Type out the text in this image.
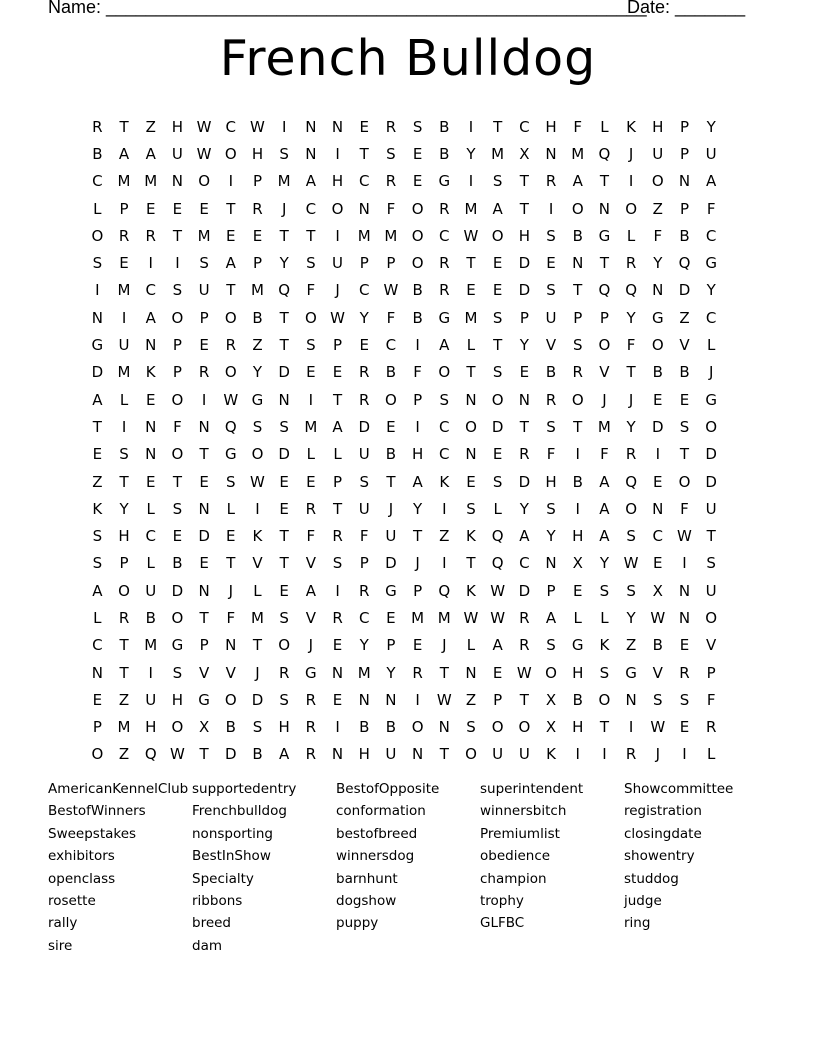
Name: ______________________________________________________
Date: _______
French Bulldog
R	T	Z	H W C W	I	N	N	E	R	S	B	I	T	C	H	F	L	K	H	P	Y
B	A	A	U W O	H	S	N	I	T	S	E	B	Y	M	X	N M Q	J	U	P	U
C M M N	O	I	P	M	A	H	C	R	E	G	I	S	T	R	A	T	I	O	N	A
L	P	E	E	E	T	R	J	C	O	N	F	O	R M	A	T	I	O	N	O	Z	P	F
O	R	R	T	M	E	E	T	T	I	M M O	C W O	H	S	B	G	L	F	B	C
S	E	I	I	S	A	P	Y	S	U	P	P	O	R	T	E	D	E	N	T	R	Y	Q G
I	M C	S	U	T	M Q	F	J	C W B	R	E	E	D	S	T	Q Q	N	D	Y
N	I	A	O	P	O	B	T	O W Y	F	B	G M	S	P	U	P	P	Y	G	Z	C
G	U	N	P	E	R	Z	T	S	P	E	C	I	A	L	T	Y	V	S	O	F	O	V	L
D M	K	P	R	O	Y	D	E	E	R	B	F	O	T	S	E	B	R	V	T	B	B	J
A	L	E	O	I	W G	N	I	T	R	O	P	S	N	O	N	R	O	J	J	E	E	G
T	I	N	F	N	Q	S	S	M	A	D	E	I	C	O	D	T	S	T	M	Y	D	S	O
E	S	N	O	T	G O	D	L	L	U	B	H	C	N	E	R	F	I	F	R	I	T	D
Z	T	E	T	E	S W E	E	P	S	T	A	K	E	S	D	H	B	A	Q	E	O	D
K	Y	L	S	N	L	I	E	R	T	U	J	Y	I	S	L	Y	S	I	A	O	N	F	U
S	H	C	E	D	E	K	T	F	R	F	U	T	Z	K	Q	A	Y	H	A	S	C W T
S	P	L	B	E	T	V	T	V	S	P	D	J	I	T	Q	C	N	X	Y W E	I	S
A	O	U	D	N	J	L	E	A	I	R	G	P	Q	K W D	P	E	S	S	X	N	U
L	R	B	O	T	F	M	S	V	R	C	E	M M W W R	A	L	L	Y W N	O
C	T	M G	P	N	T	O	J	E	Y	P	E	J	L	A	R	S	G	K	Z	B	E	V
N	T	I	S	V	V	J	R	G	N M	Y	R	T	N	E W O	H	S	G	V	R	P
E	Z	U	H	G O	D	S	R	E	N	N	I	W Z	P	T	X	B	O	N	S	S	F
P	M H	O	X	B	S	H	R	I	B	B	O	N	S	O O	X	H	T	I	W E	R
O	Z	Q W T	D	B	A	R	N	H	U	N	T	O	U	U	K	I	I	R	J	I	L
AmericanKennelClub
BestofWinners
Sweepstakes
exhibitors
openclass
rosette
rally
sire
supportedentry
Frenchbulldog
nonsporting
BestInShow
Specialty
ribbons
breed
dam
BestofOpposite
conformation
bestofbreed
winnersdog
barnhunt
dogshow
puppy
superintendent
winnersbitch
Premiumlist
obedience
champion
trophy
GLFBC
Showcommittee
registration
closingdate
showentry
studdog
judge
ring
